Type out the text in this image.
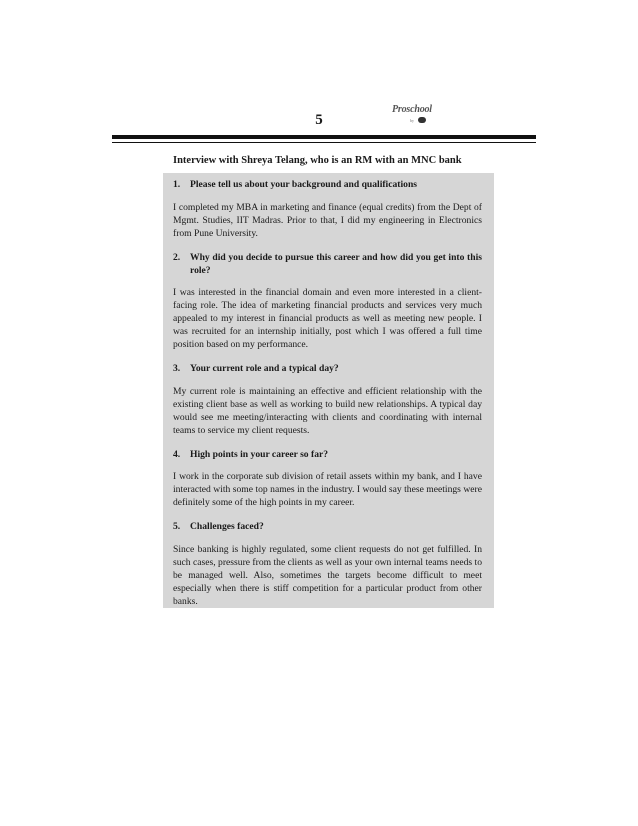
5
Proschool
by
Interview with Shreya Telang, who is an RM with an MNC bank
1.	Please tell us about your background and qualifications

I completed my MBA in marketing and finance (equal credits) from the Dept of Mgmt. Studies, IIT Madras. Prior to that, I did my engineering in Electronics from Pune University.

2.	Why did you decide to pursue this career and how did you get into this role?

I was interested in the financial domain and even more interested in a client-facing role. The idea of marketing financial products and services very much appealed to my interest in financial products as well as meeting new people. I was recruited for an internship initially, post which I was offered a full time position based on my performance.

3.	Your current role and a typical day?

My current role is maintaining an effective and efficient relationship with the existing client base as well as working to build new relationships. A typical day would see me meeting/interacting with clients and coordinating with internal teams to service my client requests.

4.	High points in your career so far?

I work in the corporate sub division of retail assets within my bank, and I have interacted with some top names in the industry. I would say these meetings were definitely some of the high points in my career.

5.	Challenges faced?

Since banking is highly regulated, some client requests do not get fulfilled. In such cases, pressure from the clients as well as your own internal teams needs to be managed well. Also, sometimes the targets become difficult to meet especially when there is stiff competition for a particular product from other banks.
